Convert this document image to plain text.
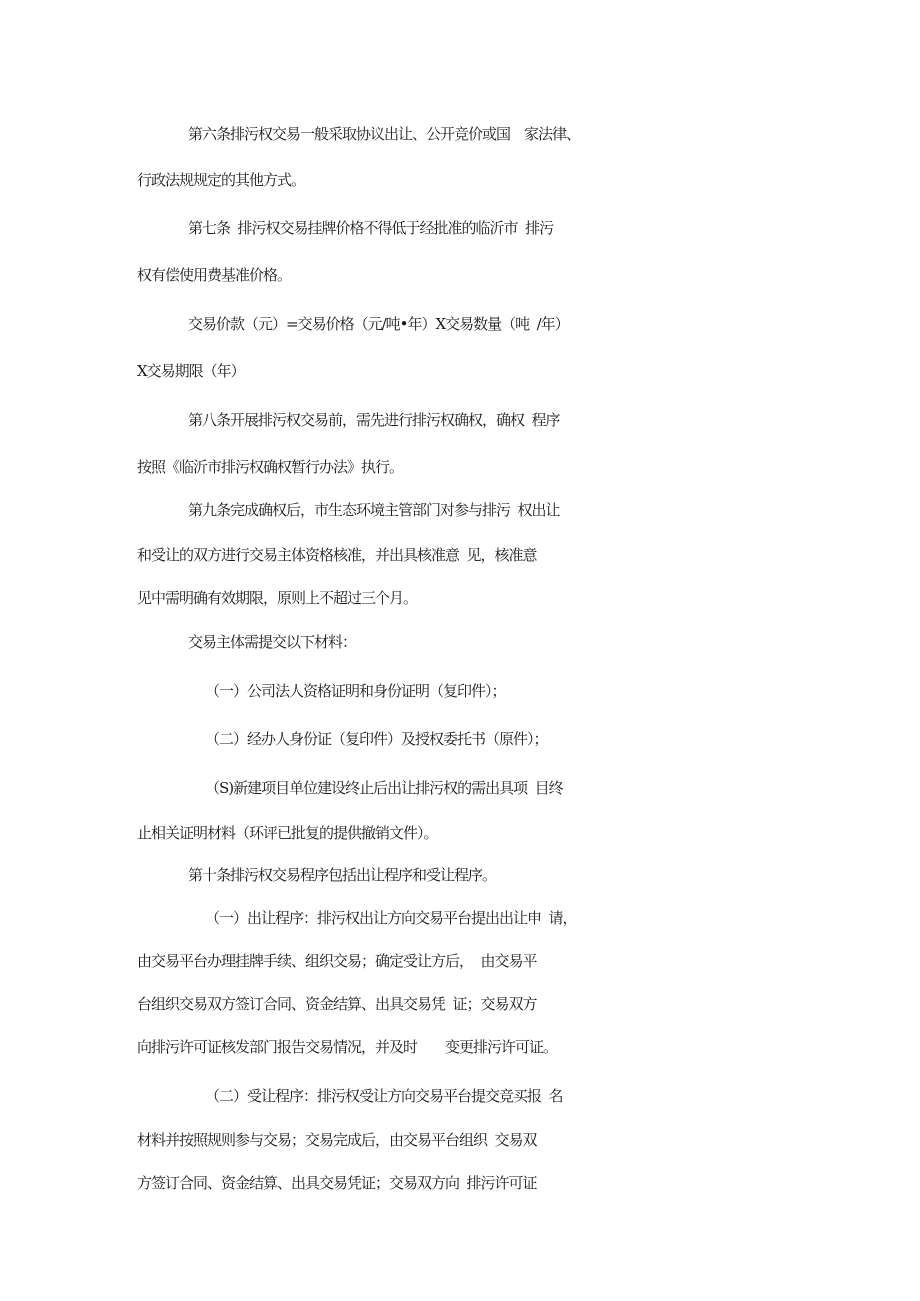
第六条排污权交易一般采取协议出让、公开竞价或国　家法律、
行政法规规定的其他方式。
第七条  排污权交易挂牌价格不得低于经批准的临沂市  排污
权有偿使用费基准价格。
交易价款（元）=交易价格（元/吨•年）X交易数量（吨  /年）
X交易期限（年）
第八条开展排污权交易前，需先进行排污权确权，确权  程序
按照《临沂市排污权确权暂行办法》执行。
第九条完成确权后，市生态环境主管部门对参与排污  权出让
和受让的双方进行交易主体资格核准，并出具核准意  见，核准意
见中需明确有效期限，原则上不超过三个月。
交易主体需提交以下材料：
（一）公司法人资格证明和身份证明（复印件）；
（二）经办人身份证（复印件）及授权委托书（原件）；
（S)新建项目单位建设终止后出让排污权的需出具项  目终
止相关证明材料（环评已批复的提供撤销文件）。
第十条排污权交易程序包括出让程序和受让程序。
（一）出让程序：排污权出让方向交易平台提出出让申  请，
由交易平台办理挂牌手续、组织交易；确定受让方后，  由交易平
台组织交易双方签订合同、资金结算、出具交易凭  证；交易双方
向排污许可证核发部门报告交易情况，并及时　　变更排污许可证。
（二）受让程序：排污权受让方向交易平台提交竞买报  名
材料并按照规则参与交易；交易完成后，由交易平台组织  交易双
方签订合同、资金结算、出具交易凭证；交易双方向  排污许可证
